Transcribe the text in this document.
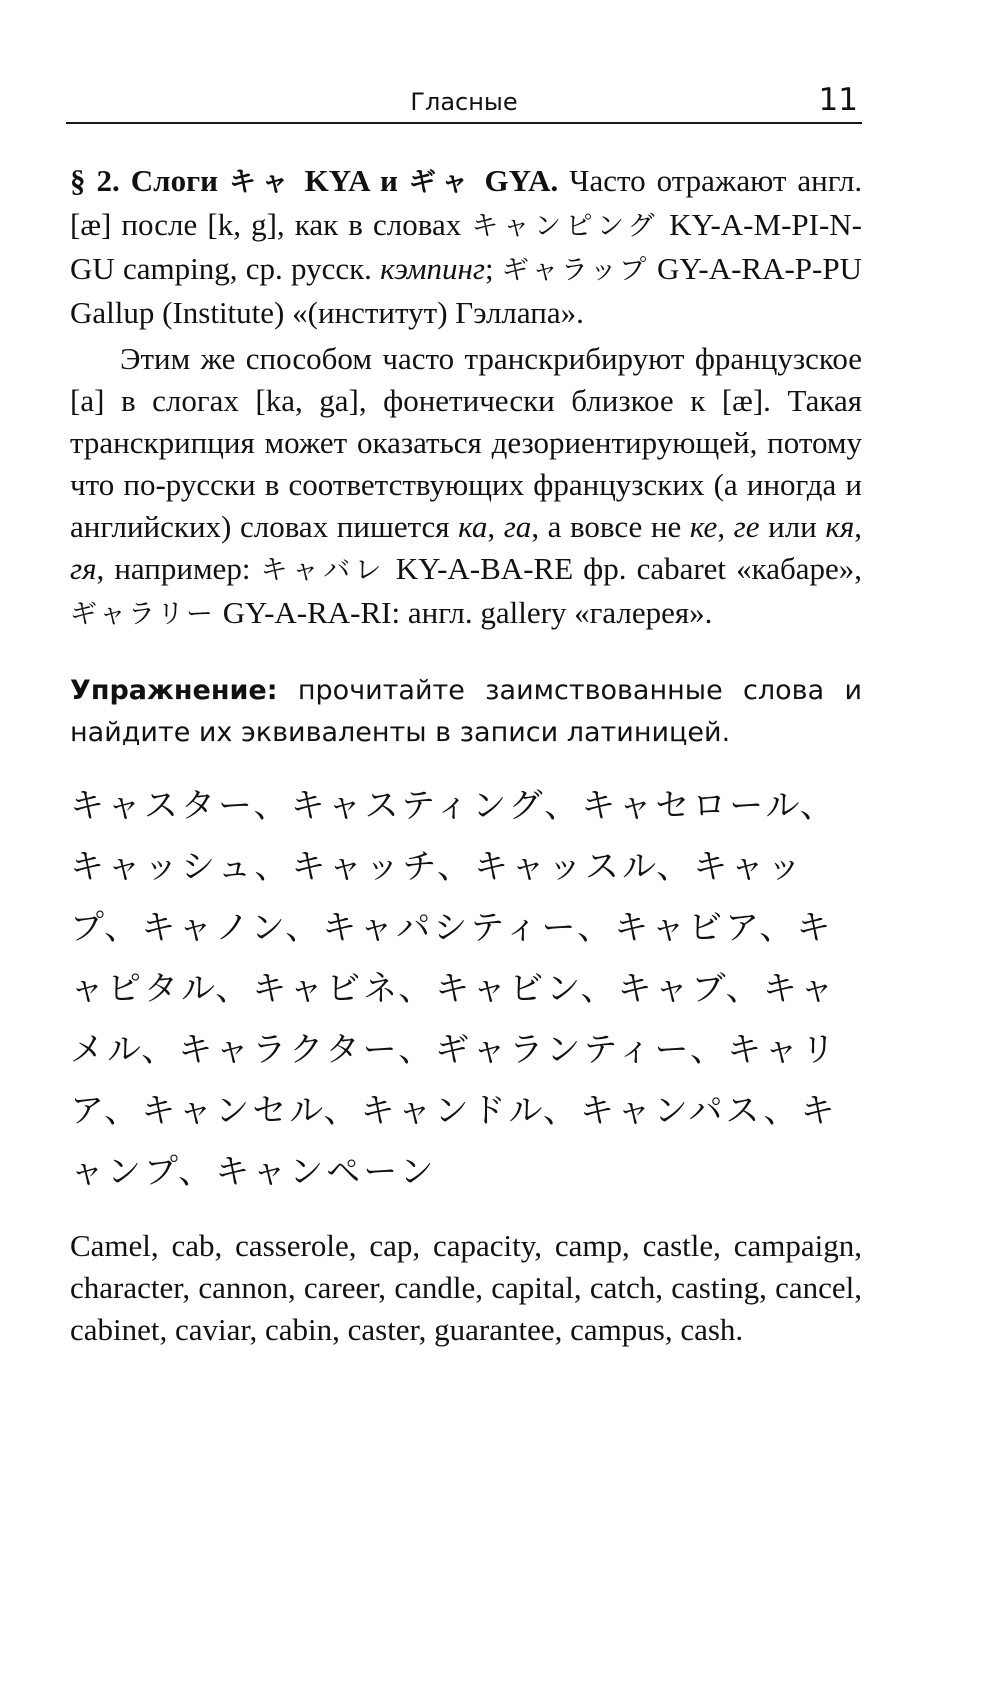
Гласные	11

§ 2. Слоги キャ KYA и ギャ GYA. Часто отражают англ. [æ] после [k, g], как в словах キャンピング KY-A-M-PI-N-GU camping, ср. русск. кэмпинг; ギャラップ GY-A-RA-P-PU Gallup (Institute) «(институт) Гэллапа».

Этим же способом часто транскрибируют французское [a] в слогах [ka, ga], фонетически близкое к [æ]. Такая транскрипция может оказаться дезориентирующей, потому что по-русски в соответствующих французских (а иногда и английских) словах пишется ка, га, а вовсе не ке, ге или кя, гя, например: キャバレ KY-A-BA-RE фр. cabaret «кабаре», ギャラリー GY-A-RA-RI: англ. gallery «галерея».

Упражнение: прочитайте заимствованные слова и найдите их эквиваленты в записи латиницей.
キャスター、キャスティング、キャセロール、キャッシュ、キャッチ、キャッスル、キャップ、キャノン、キャパシティー、キャビア、キャピタル、キャビネ、キャビン、キャブ、キャメル、キャラクター、ギャランティー、キャリア、キャンセル、キャンドル、キャンパス、キャンプ、キャンペーン
Camel, cab, casserole, cap, capacity, camp, castle, campaign, character, cannon, career, candle, capital, catch, casting, cancel, cabinet, caviar, cabin, caster, guarantee, campus, cash.
